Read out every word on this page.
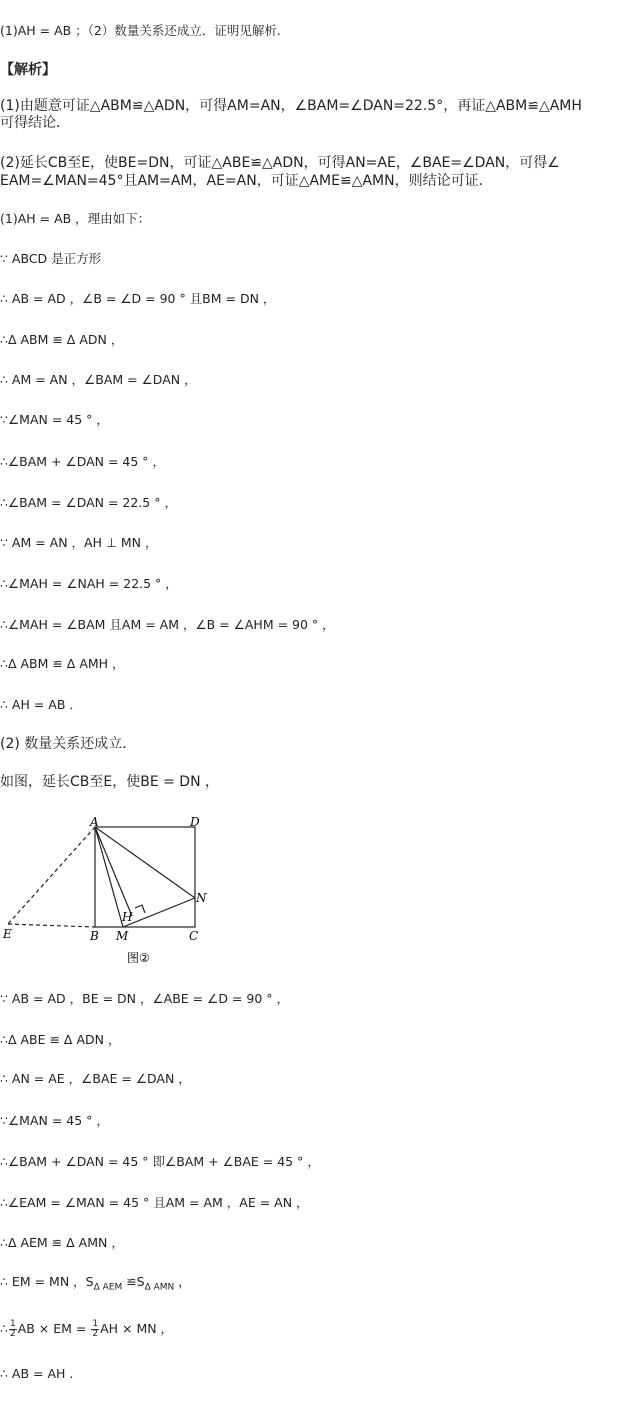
(1)AH = AB ；（2）数量关系还成立．证明见解析.
【解析】
(1)由题意可证△ABM≌△ADN，可得AM=AN，∠BAM=∠DAN=22.5°，再证△ABM≌△AMH
可得结论．
(2)延长CB至E，使BE=DN，可证△ABE≌△ADN，可得AN=AE，∠BAE=∠DAN，可得∠
EAM=∠MAN=45°且AM=AM，AE=AN，可证△AME≌△AMN，则结论可证.
(1)AH = AB ，理由如下：
∵ ABCD 是正方形
∴ AB = AD ，∠B = ∠D = 90 ° 且BM = DN ，
∴Δ ABM ≌ Δ ADN ，
∴ AM = AN ，∠BAM = ∠DAN ，
∵∠MAN = 45 ° ，
∴∠BAM + ∠DAN = 45 ° ，
∴∠BAM = ∠DAN = 22.5 ° ，
∵ AM = AN ，AH ⊥ MN ，
∴∠MAH = ∠NAH = 22.5 ° ，
∴∠MAH = ∠BAM 且AM = AM ，∠B = ∠AHM = 90 ° ，
∴Δ ABM ≌ Δ AMH ，
∴ AH = AB ．
(2) 数量关系还成立．
如图，延长CB至E，使BE = DN ，
A	D
N
H
E	B M	C
图②
∵ AB = AD ，BE = DN ，∠ABE = ∠D = 90 ° ，
∴Δ ABE ≌ Δ ADN ，
∴ AN = AE ，∠BAE = ∠DAN ，
∵∠MAN = 45 ° ，
∴∠BAM + ∠DAN = 45 ° 即∠BAM + ∠BAE = 45 ° ，
∴∠EAM = ∠MAN = 45 ° 且AM = AM ，AE = AN ，
∴Δ AEM ≌ Δ AMN ，
∴ EM = MN ，$S_{\Delta AEM}$ $≌S_{\Delta AMN}$ ，
∴ $\frac{1}{2}$ AB × EM = $\frac{1}{2}$ AH × MN ，
∴ AB = AH .
